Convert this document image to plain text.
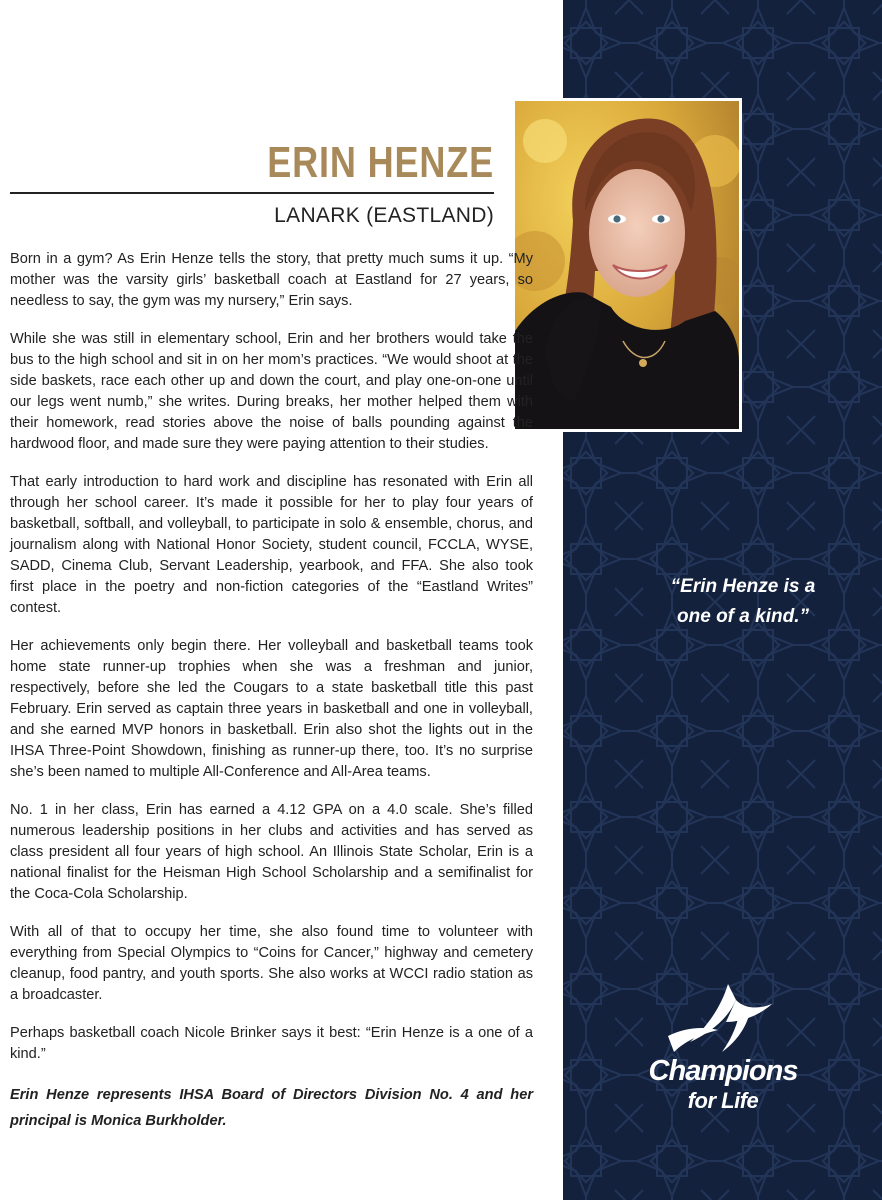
“Erin Henze is a one of a kind.”
Champions
for Life
ERIN HENZE
LANARK (EASTLAND)

Born in a gym? As Erin Henze tells the story, that pretty much sums it up. “My mother was the varsity girls’ basketball coach at Eastland for 27 years, so needless to say, the gym was my nursery,” Erin says.

While she was still in elementary school, Erin and her brothers would take the bus to the high school and sit in on her mom’s practices. “We would shoot at the side baskets, race each other up and down the court, and play one-on-one until our legs went numb,” she writes. During breaks, her mother helped them with their homework, read stories above the noise of balls pounding against the hardwood floor, and made sure they were paying attention to their studies.

That early introduction to hard work and discipline has resonated with Erin all through her school career. It’s made it possible for her to play four years of basketball, softball, and volleyball, to participate in solo & ensemble, chorus, and journalism along with National Honor Society, student council, FCCLA, WYSE, SADD, Cinema Club, Servant Leadership, yearbook, and FFA. She also took first place in the poetry and non-fiction categories of the “Eastland Writes” contest.

Her achievements only begin there. Her volleyball and basketball teams took home state runner-up trophies when she was a freshman and junior, respectively, before she led the Cougars to a state basketball title this past February. Erin served as captain three years in basketball and one in volleyball, and she earned MVP honors in basketball. Erin also shot the lights out in the IHSA Three-Point Showdown, finishing as runner-up there, too. It’s no surprise she’s been named to multiple All-Conference and All-Area teams.

No. 1 in her class, Erin has earned a 4.12 GPA on a 4.0 scale. She’s filled numerous leadership positions in her clubs and activities and has served as class president all four years of high school. An Illinois State Scholar, Erin is a national finalist for the Heisman High School Scholarship and a semifinalist for the Coca-Cola Scholarship.

With all of that to occupy her time, she also found time to volunteer with everything from Special Olympics to “Coins for Cancer,” highway and cemetery cleanup, food pantry, and youth sports. She also works at WCCI radio station as a broadcaster.

Perhaps basketball coach Nicole Brinker says it best: “Erin Henze is a one of a kind.”

Erin Henze represents IHSA Board of Directors Division No. 4 and her principal is Monica Burkholder.
